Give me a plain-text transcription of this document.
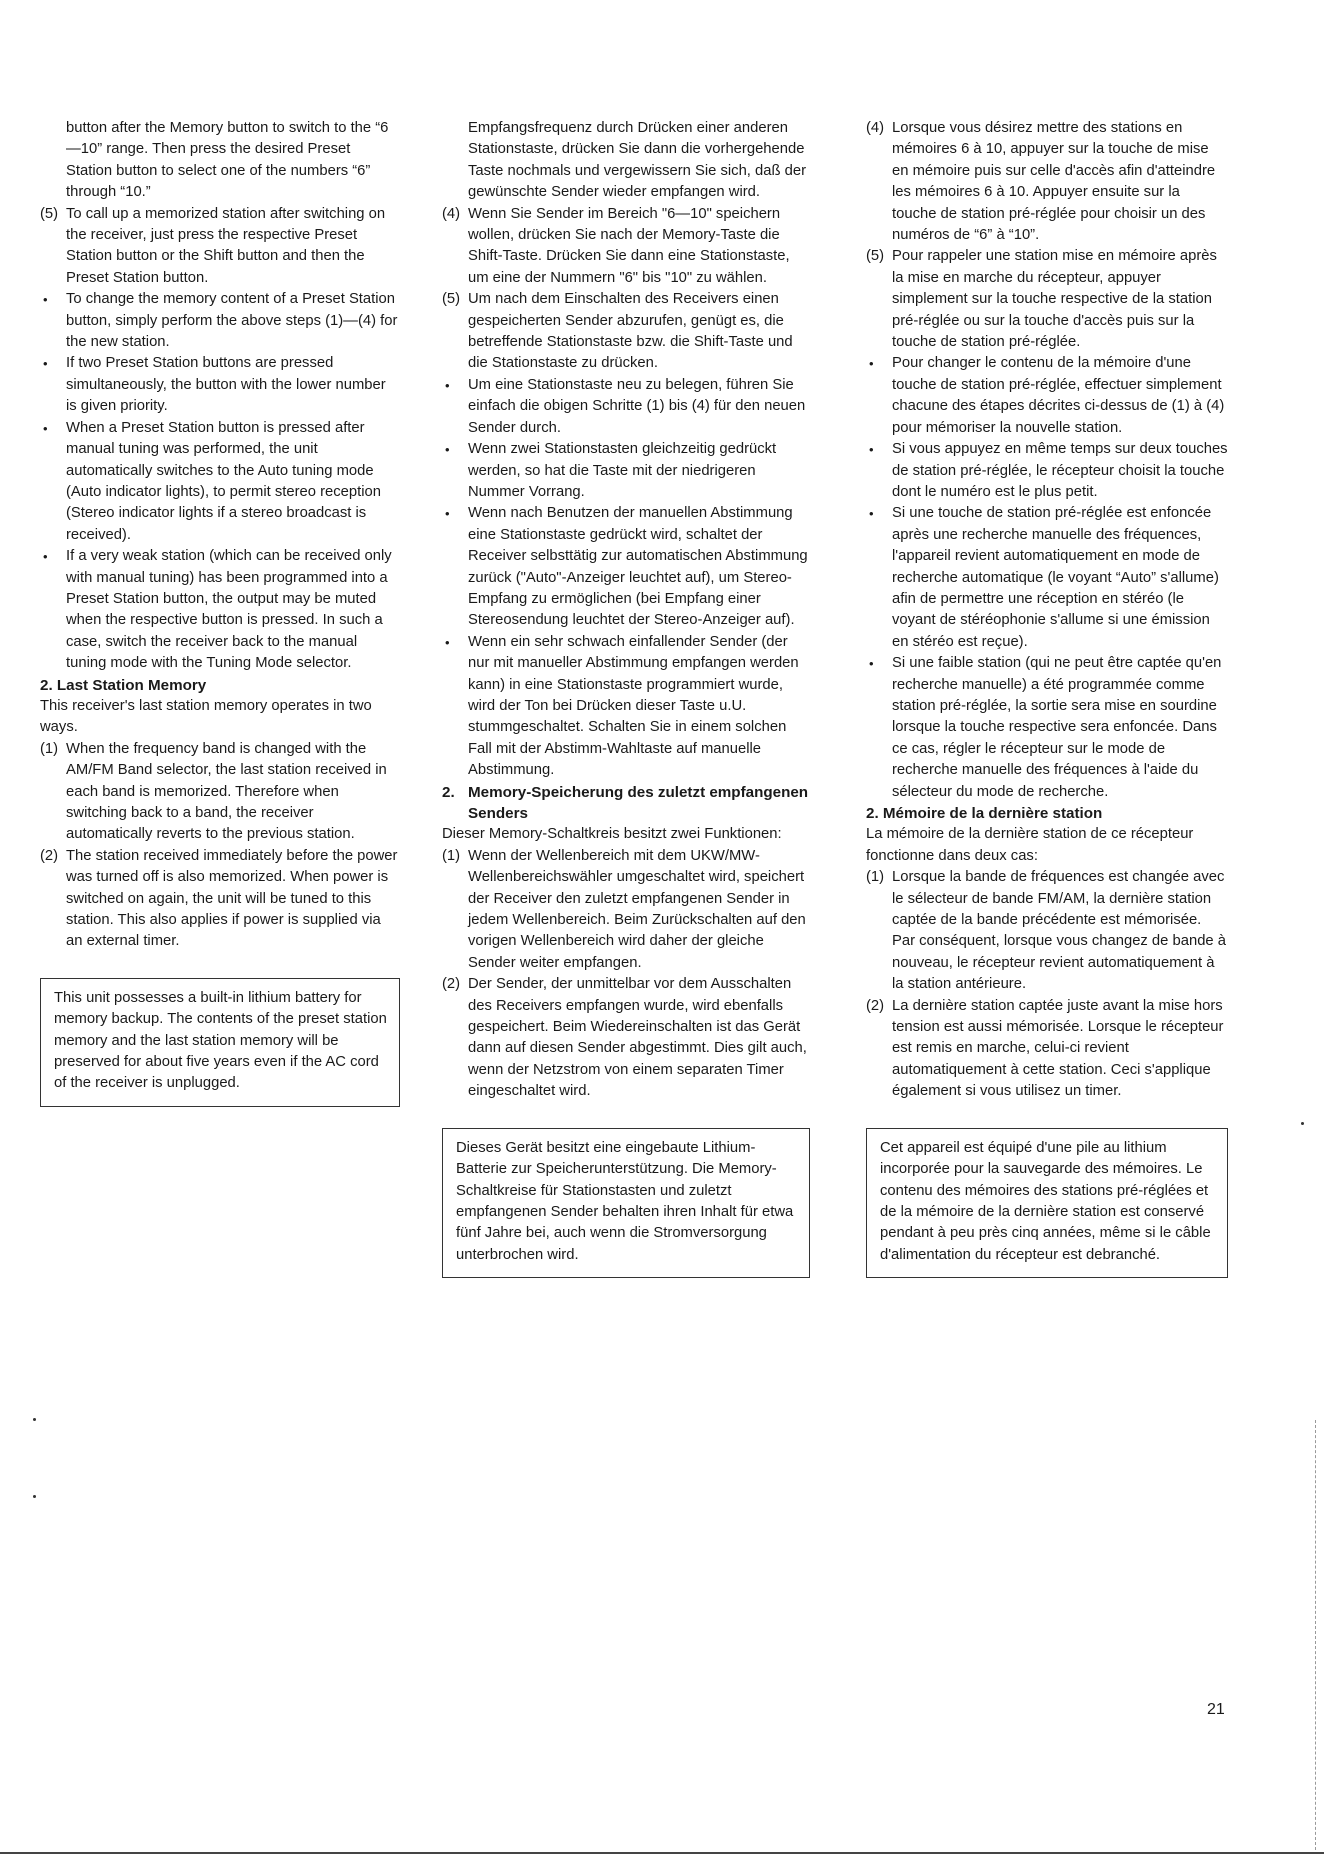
button after the Memory button to switch to the “6—10” range. Then press the desired Preset Station button to select one of the numbers “6” through “10.”

(5) To call up a memorized station after switching on the receiver, just press the respective Preset Station button or the Shift button and then the Preset Station button.
• To change the memory content of a Preset Station button, simply perform the above steps (1)—(4) for the new station.
• If two Preset Station buttons are pressed simultaneously, the button with the lower number is given priority.
• When a Preset Station button is pressed after manual tuning was performed, the unit automatically switches to the Auto tuning mode (Auto indicator lights), to permit stereo reception (Stereo indicator lights if a stereo broadcast is received).
• If a very weak station (which can be received only with manual tuning) has been programmed into a Preset Station button, the output may be muted when the respective button is pressed. In such a case, switch the receiver back to the manual tuning mode with the Tuning Mode selector.
2. Last Station Memory

This receiver's last station memory operates in two ways.

(1) When the frequency band is changed with the AM/FM Band selector, the last station received in each band is memorized. Therefore when switching back to a band, the receiver automatically reverts to the previous station.
(2) The station received immediately before the power was turned off is also memorized. When power is switched on again, the unit will be tuned to this station. This also applies if power is supplied via an external timer.
This unit possesses a built-in lithium battery for memory backup. The contents of the preset station memory and the last station memory will be preserved for about five years even if the AC cord of the receiver is unplugged.

Empfangsfrequenz durch Drücken einer anderen Stationstaste, drücken Sie dann die vorhergehende Taste nochmals und vergewissern Sie sich, daß der gewünschte Sender wieder empfangen wird.

(4) Wenn Sie Sender im Bereich "6—10" speichern wollen, drücken Sie nach der Memory-Taste die Shift-Taste. Drücken Sie dann eine Stationstaste, um eine der Nummern "6" bis "10" zu wählen.
(5) Um nach dem Einschalten des Receivers einen gespeicherten Sender abzurufen, genügt es, die betreffende Stationstaste bzw. die Shift-Taste und die Stationstaste zu drücken.
• Um eine Stationstaste neu zu belegen, führen Sie einfach die obigen Schritte (1) bis (4) für den neuen Sender durch.
• Wenn zwei Stationstasten gleichzeitig gedrückt werden, so hat die Taste mit der niedrigeren Nummer Vorrang.
• Wenn nach Benutzen der manuellen Abstimmung eine Stationstaste gedrückt wird, schaltet der Receiver selbsttätig zur automatischen Abstimmung zurück ("Auto"-Anzeiger leuchtet auf), um Stereo-Empfang zu ermöglichen (bei Empfang einer Stereosendung leuchtet der Stereo-Anzeiger auf).
• Wenn ein sehr schwach einfallender Sender (der nur mit manueller Abstimmung empfangen werden kann) in eine Stationstaste programmiert wurde, wird der Ton bei Drücken dieser Taste u.U. stummgeschaltet. Schalten Sie in einem solchen Fall mit der Abstimm-Wahltaste auf manuelle Abstimmung.
2. Memory-Speicherung des zuletzt empfangenen Senders

Dieser Memory-Schaltkreis besitzt zwei Funktionen:

(1) Wenn der Wellenbereich mit dem UKW/MW-Wellenbereichswähler umgeschaltet wird, speichert der Receiver den zuletzt empfangenen Sender in jedem Wellenbereich. Beim Zurückschalten auf den vorigen Wellenbereich wird daher der gleiche Sender weiter empfangen.
(2) Der Sender, der unmittelbar vor dem Ausschalten des Receivers empfangen wurde, wird ebenfalls gespeichert. Beim Wiedereinschalten ist das Gerät dann auf diesen Sender abgestimmt. Dies gilt auch, wenn der Netzstrom von einem separaten Timer eingeschaltet wird.
Dieses Gerät besitzt eine eingebaute Lithium-Batterie zur Speicherunterstützung. Die Memory-Schaltkreise für Stationstasten und zuletzt empfangenen Sender behalten ihren Inhalt für etwa fünf Jahre bei, auch wenn die Stromversorgung unterbrochen wird.
(4) Lorsque vous désirez mettre des stations en mémoires 6 à 10, appuyer sur la touche de mise en mémoire puis sur celle d'accès afin d'atteindre les mémoires 6 à 10. Appuyer ensuite sur la touche de station pré-réglée pour choisir un des numéros de “6” à “10”.
(5) Pour rappeler une station mise en mémoire après la mise en marche du récepteur, appuyer simplement sur la touche respective de la station pré-réglée ou sur la touche d'accès puis sur la touche de station pré-réglée.
• Pour changer le contenu de la mémoire d'une touche de station pré-réglée, effectuer simplement chacune des étapes décrites ci-dessus de (1) à (4) pour mémoriser la nouvelle station.
• Si vous appuyez en même temps sur deux touches de station pré-réglée, le récepteur choisit la touche dont le numéro est le plus petit.
• Si une touche de station pré-réglée est enfoncée après une recherche manuelle des fréquences, l'appareil revient automatiquement en mode de recherche automatique (le voyant “Auto” s'allume) afin de permettre une réception en stéréo (le voyant de stéréophonie s'allume si une émission en stéréo est reçue).
• Si une faible station (qui ne peut être captée qu'en recherche manuelle) a été programmée comme station pré-réglée, la sortie sera mise en sourdine lorsque la touche respective sera enfoncée. Dans ce cas, régler le récepteur sur le mode de recherche manuelle des fréquences à l'aide du sélecteur du mode de recherche.
2. Mémoire de la dernière station

La mémoire de la dernière station de ce récepteur fonctionne dans deux cas:

(1) Lorsque la bande de fréquences est changée avec le sélecteur de bande FM/AM, la dernière station captée de la bande précédente est mémorisée. Par conséquent, lorsque vous changez de bande à nouveau, le récepteur revient automatiquement à la station antérieure.
(2) La dernière station captée juste avant la mise hors tension est aussi mémorisée. Lorsque le récepteur est remis en marche, celui-ci revient automatiquement à cette station. Ceci s'applique également si vous utilisez un timer.
Cet appareil est équipé d'une pile au lithium incorporée pour la sauvegarde des mémoires. Le contenu des mémoires des stations pré-réglées et de la mémoire de la dernière station est conservé pendant à peu près cinq années, même si le câble d'alimentation du récepteur est debranché.
21
